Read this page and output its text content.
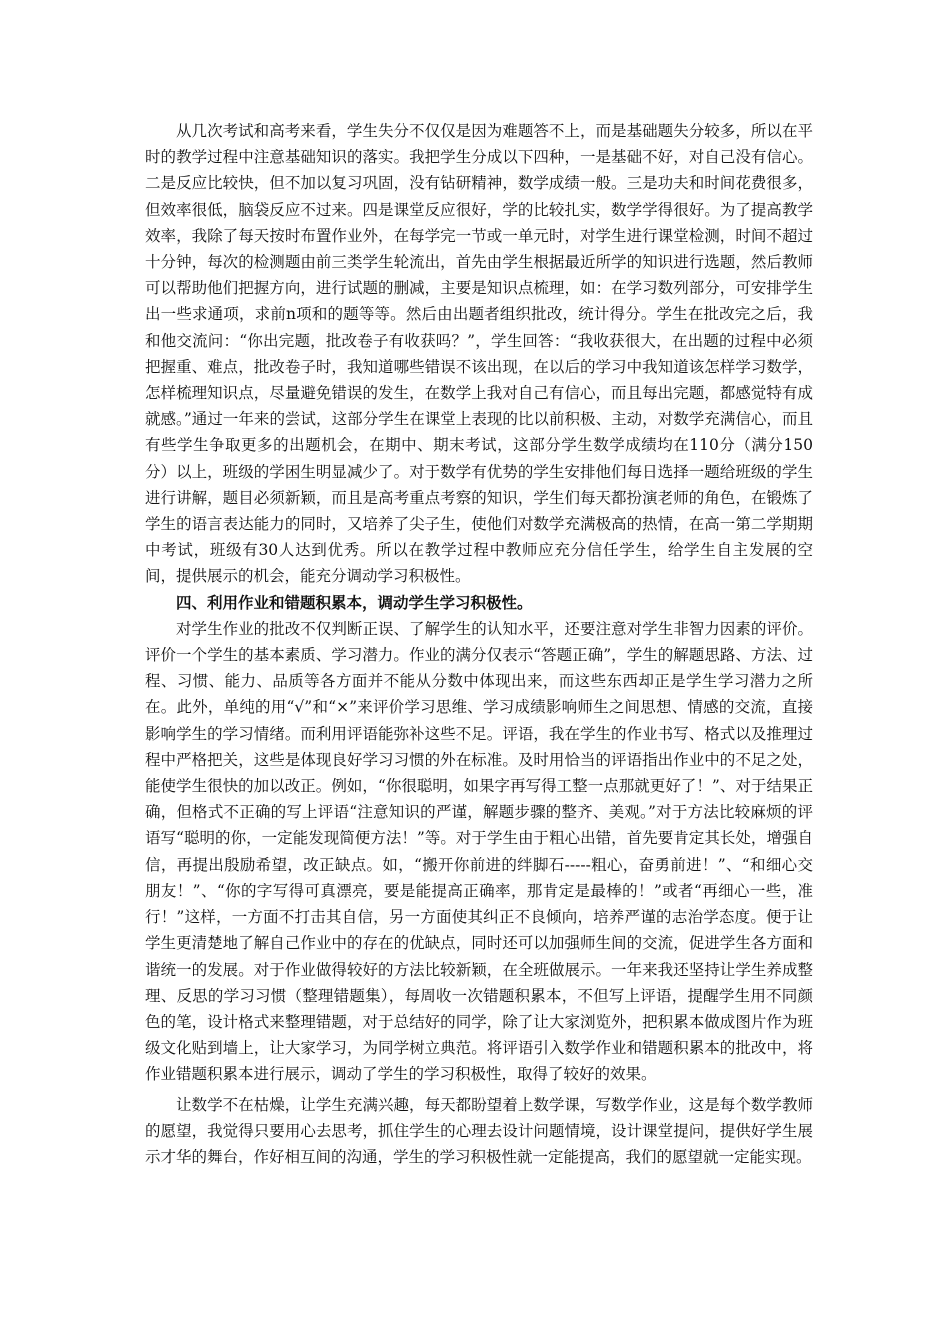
从几次考试和高考来看，学生失分不仅仅是因为难题答不上，而是基础题失分较多，所以在平时的教学过程中注意基础知识的落实。我把学生分成以下四种，一是基础不好，对自己没有信心。二是反应比较快，但不加以复习巩固，没有钻研精神，数学成绩一般。三是功夫和时间花费很多，但效率很低，脑袋反应不过来。四是课堂反应很好，学的比较扎实，数学学得很好。为了提高教学效率，我除了每天按时布置作业外，在每学完一节或一单元时，对学生进行课堂检测，时间不超过十分钟，每次的检测题由前三类学生轮流出，首先由学生根据最近所学的知识进行选题，然后教师可以帮助他们把握方向，进行试题的删减，主要是知识点梳理，如：在学习数列部分，可安排学生出一些求通项，求前n项和的题等等。然后由出题者组织批改，统计得分。学生在批改完之后，我和他交流问：“你出完题，批改卷子有收获吗？”，学生回答：“我收获很大，在出题的过程中必须把握重、难点，批改卷子时，我知道哪些错误不该出现，在以后的学习中我知道该怎样学习数学，怎样梳理知识点，尽量避免错误的发生，在数学上我对自己有信心，而且每出完题，都感觉特有成就感。”通过一年来的尝试，这部分学生在课堂上表现的比以前积极、主动，对数学充满信心，而且有些学生争取更多的出题机会，在期中、期末考试，这部分学生数学成绩均在110分（满分150分）以上，班级的学困生明显减少了。对于数学有优势的学生安排他们每日选择一题给班级的学生进行讲解，题目必须新颖，而且是高考重点考察的知识，学生们每天都扮演老师的角色，在锻炼了学生的语言表达能力的同时，又培养了尖子生，使他们对数学充满极高的热情，在高一第二学期期中考试，班级有30人达到优秀。所以在教学过程中教师应充分信任学生，给学生自主发展的空间，提供展示的机会，能充分调动学习积极性。

四、利用作业和错题积累本，调动学生学习积极性。

对学生作业的批改不仅判断正误、了解学生的认知水平，还要注意对学生非智力因素的评价。评价一个学生的基本素质、学习潜力。作业的满分仅表示“答题正确”，学生的解题思路、方法、过程、习惯、能力、品质等各方面并不能从分数中体现出来，而这些东西却正是学生学习潜力之所在。此外，单纯的用“√”和“×”来评价学习思维、学习成绩影响师生之间思想、情感的交流，直接影响学生的学习情绪。而利用评语能弥补这些不足。评语，我在学生的作业书写、格式以及推理过程中严格把关，这些是体现良好学习习惯的外在标准。及时用恰当的评语指出作业中的不足之处，能使学生很快的加以改正。例如，“你很聪明，如果字再写得工整一点那就更好了！”、对于结果正确，但格式不正确的写上评语“注意知识的严谨，解题步骤的整齐、美观。”对于方法比较麻烦的评语写“聪明的你，一定能发现简便方法！”等。对于学生由于粗心出错，首先要肯定其长处，增强自信，再提出殷励希望，改正缺点。如，“搬开你前进的绊脚石-----粗心，奋勇前进！”、“和细心交朋友！”、“你的字写得可真漂亮，要是能提高正确率，那肯定是最棒的！”或者“再细心一些，准行！”这样，一方面不打击其自信，另一方面使其纠正不良倾向，培养严谨的志治学态度。便于让学生更清楚地了解自己作业中的存在的优缺点，同时还可以加强师生间的交流，促进学生各方面和谐统一的发展。对于作业做得较好的方法比较新颖，在全班做展示。一年来我还坚持让学生养成整理、反思的学习习惯（整理错题集），每周收一次错题积累本，不但写上评语，提醒学生用不同颜色的笔，设计格式来整理错题，对于总结好的同学，除了让大家浏览外，把积累本做成图片作为班级文化贴到墙上，让大家学习，为同学树立典范。将评语引入数学作业和错题积累本的批改中，将作业错题积累本进行展示，调动了学生的学习积极性，取得了较好的效果。

让数学不在枯燥，让学生充满兴趣，每天都盼望着上数学课，写数学作业，这是每个数学教师的愿望，我觉得只要用心去思考，抓住学生的心理去设计问题情境，设计课堂提问，提供好学生展示才华的舞台，作好相互间的沟通，学生的学习积极性就一定能提高，我们的愿望就一定能实现。
